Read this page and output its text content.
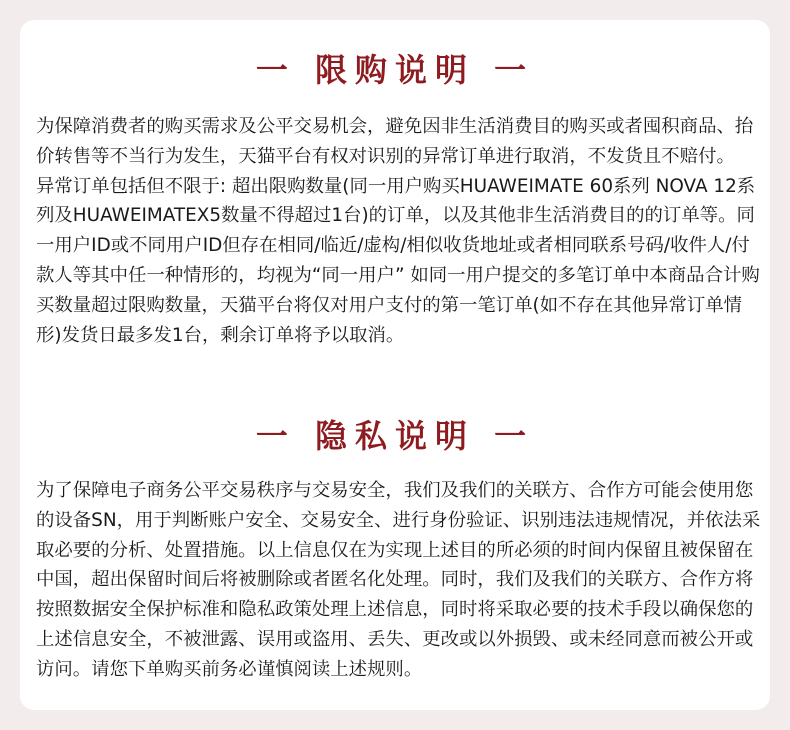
一 限购说明 一

为保障消费者的购买需求及公平交易机会，避免因非生活消费目的购买或者囤积商品、抬价转售等不当行为发生，天猫平台有权对识别的异常订单进行取消，不发货且不赔付。

异常订单包括但不限于: 超出限购数量(同一用户购买HUAWEIMATE 60系列 NOVA 12系列及HUAWEIMATEX5数量不得超过1台)的订单，以及其他非生活消费目的的订单等。同一用户ID或不同用户ID但存在相同/临近/虚构/相似收货地址或者相同联系号码/收件人/付款人等其中任一种情形的，均视为“同一用户” 如同一用户提交的多笔订单中本商品合计购买数量超过限购数量，天猫平台将仅对用户支付的第一笔订单(如不存在其他异常订单情形)发货日最多发1台，剩余订单将予以取消。

一 隐私说明 一

为了保障电子商务公平交易秩序与交易安全，我们及我们的关联方、合作方可能会使用您的设备SN，用于判断账户安全、交易安全、进行身份验证、识别违法违规情况，并依法采取必要的分析、处置措施。以上信息仅在为实现上述目的所必须的时间内保留且被保留在中国，超出保留时间后将被删除或者匿名化处理。同时，我们及我们的关联方、合作方将按照数据安全保护标准和隐私政策处理上述信息，同时将采取必要的技术手段以确保您的上述信息安全，不被泄露、误用或盗用、丢失、更改或以外损毁、或未经同意而被公开或访问。请您下单购买前务必谨慎阅读上述规则。
